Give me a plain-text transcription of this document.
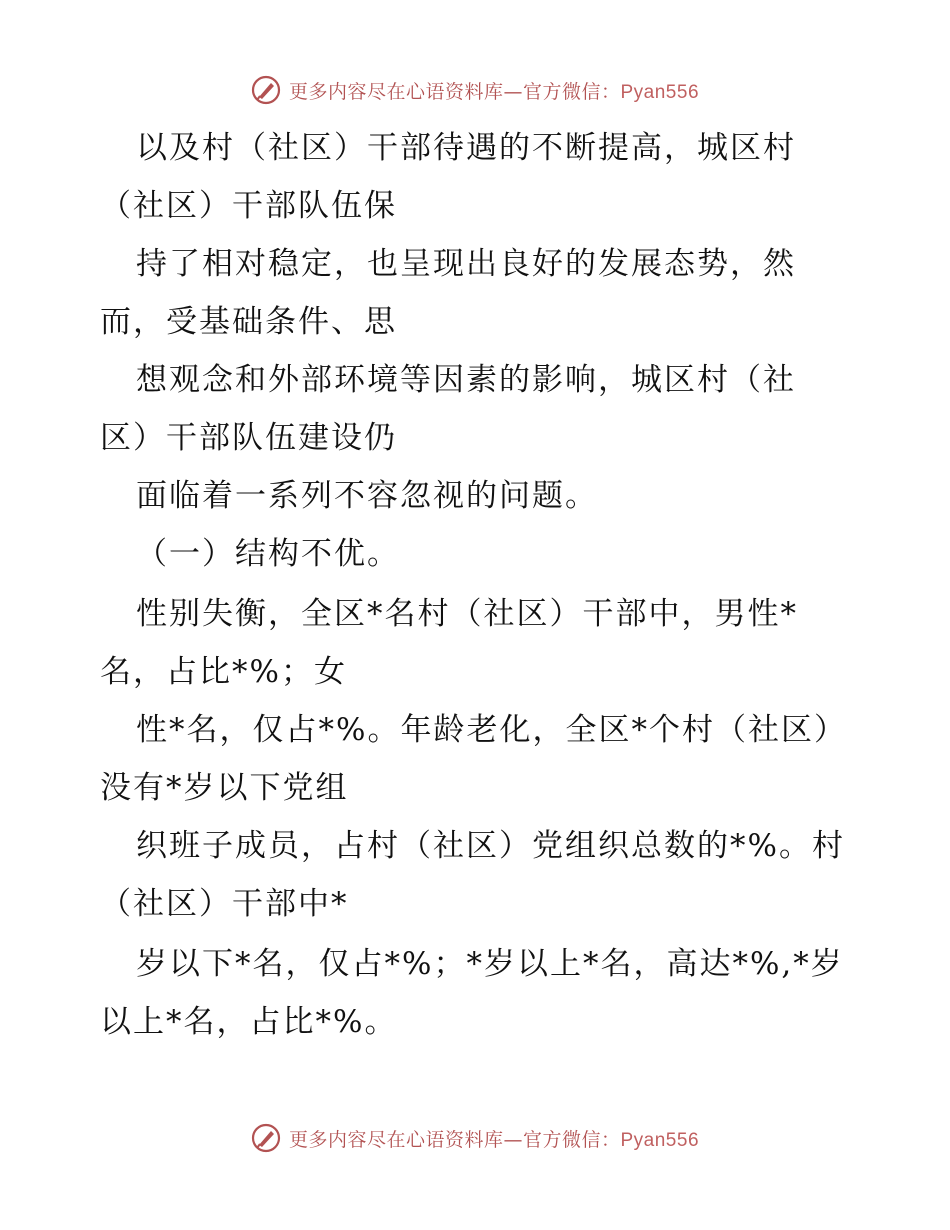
更多内容尽在心语资料库—官方微信：Pyan556
以及村（社区）干部待遇的不断提高，城区村
（社区）干部队伍保
持了相对稳定，也呈现出良好的发展态势，然
而，受基础条件、思
想观念和外部环境等因素的影响，城区村（社
区）干部队伍建设仍
面临着一系列不容忽视的问题。
（一）结构不优。
性别失衡，全区*名村（社区）干部中，男性*
名，占比*%；女
性*名，仅占*%。年龄老化，全区*个村（社区）
没有*岁以下党组
织班子成员，占村（社区）党组织总数的*%。村
（社区）干部中*
岁以下*名，仅占*%；*岁以上*名，高达*%,*岁
以上*名，占比*%。
更多内容尽在心语资料库—官方微信：Pyan556
